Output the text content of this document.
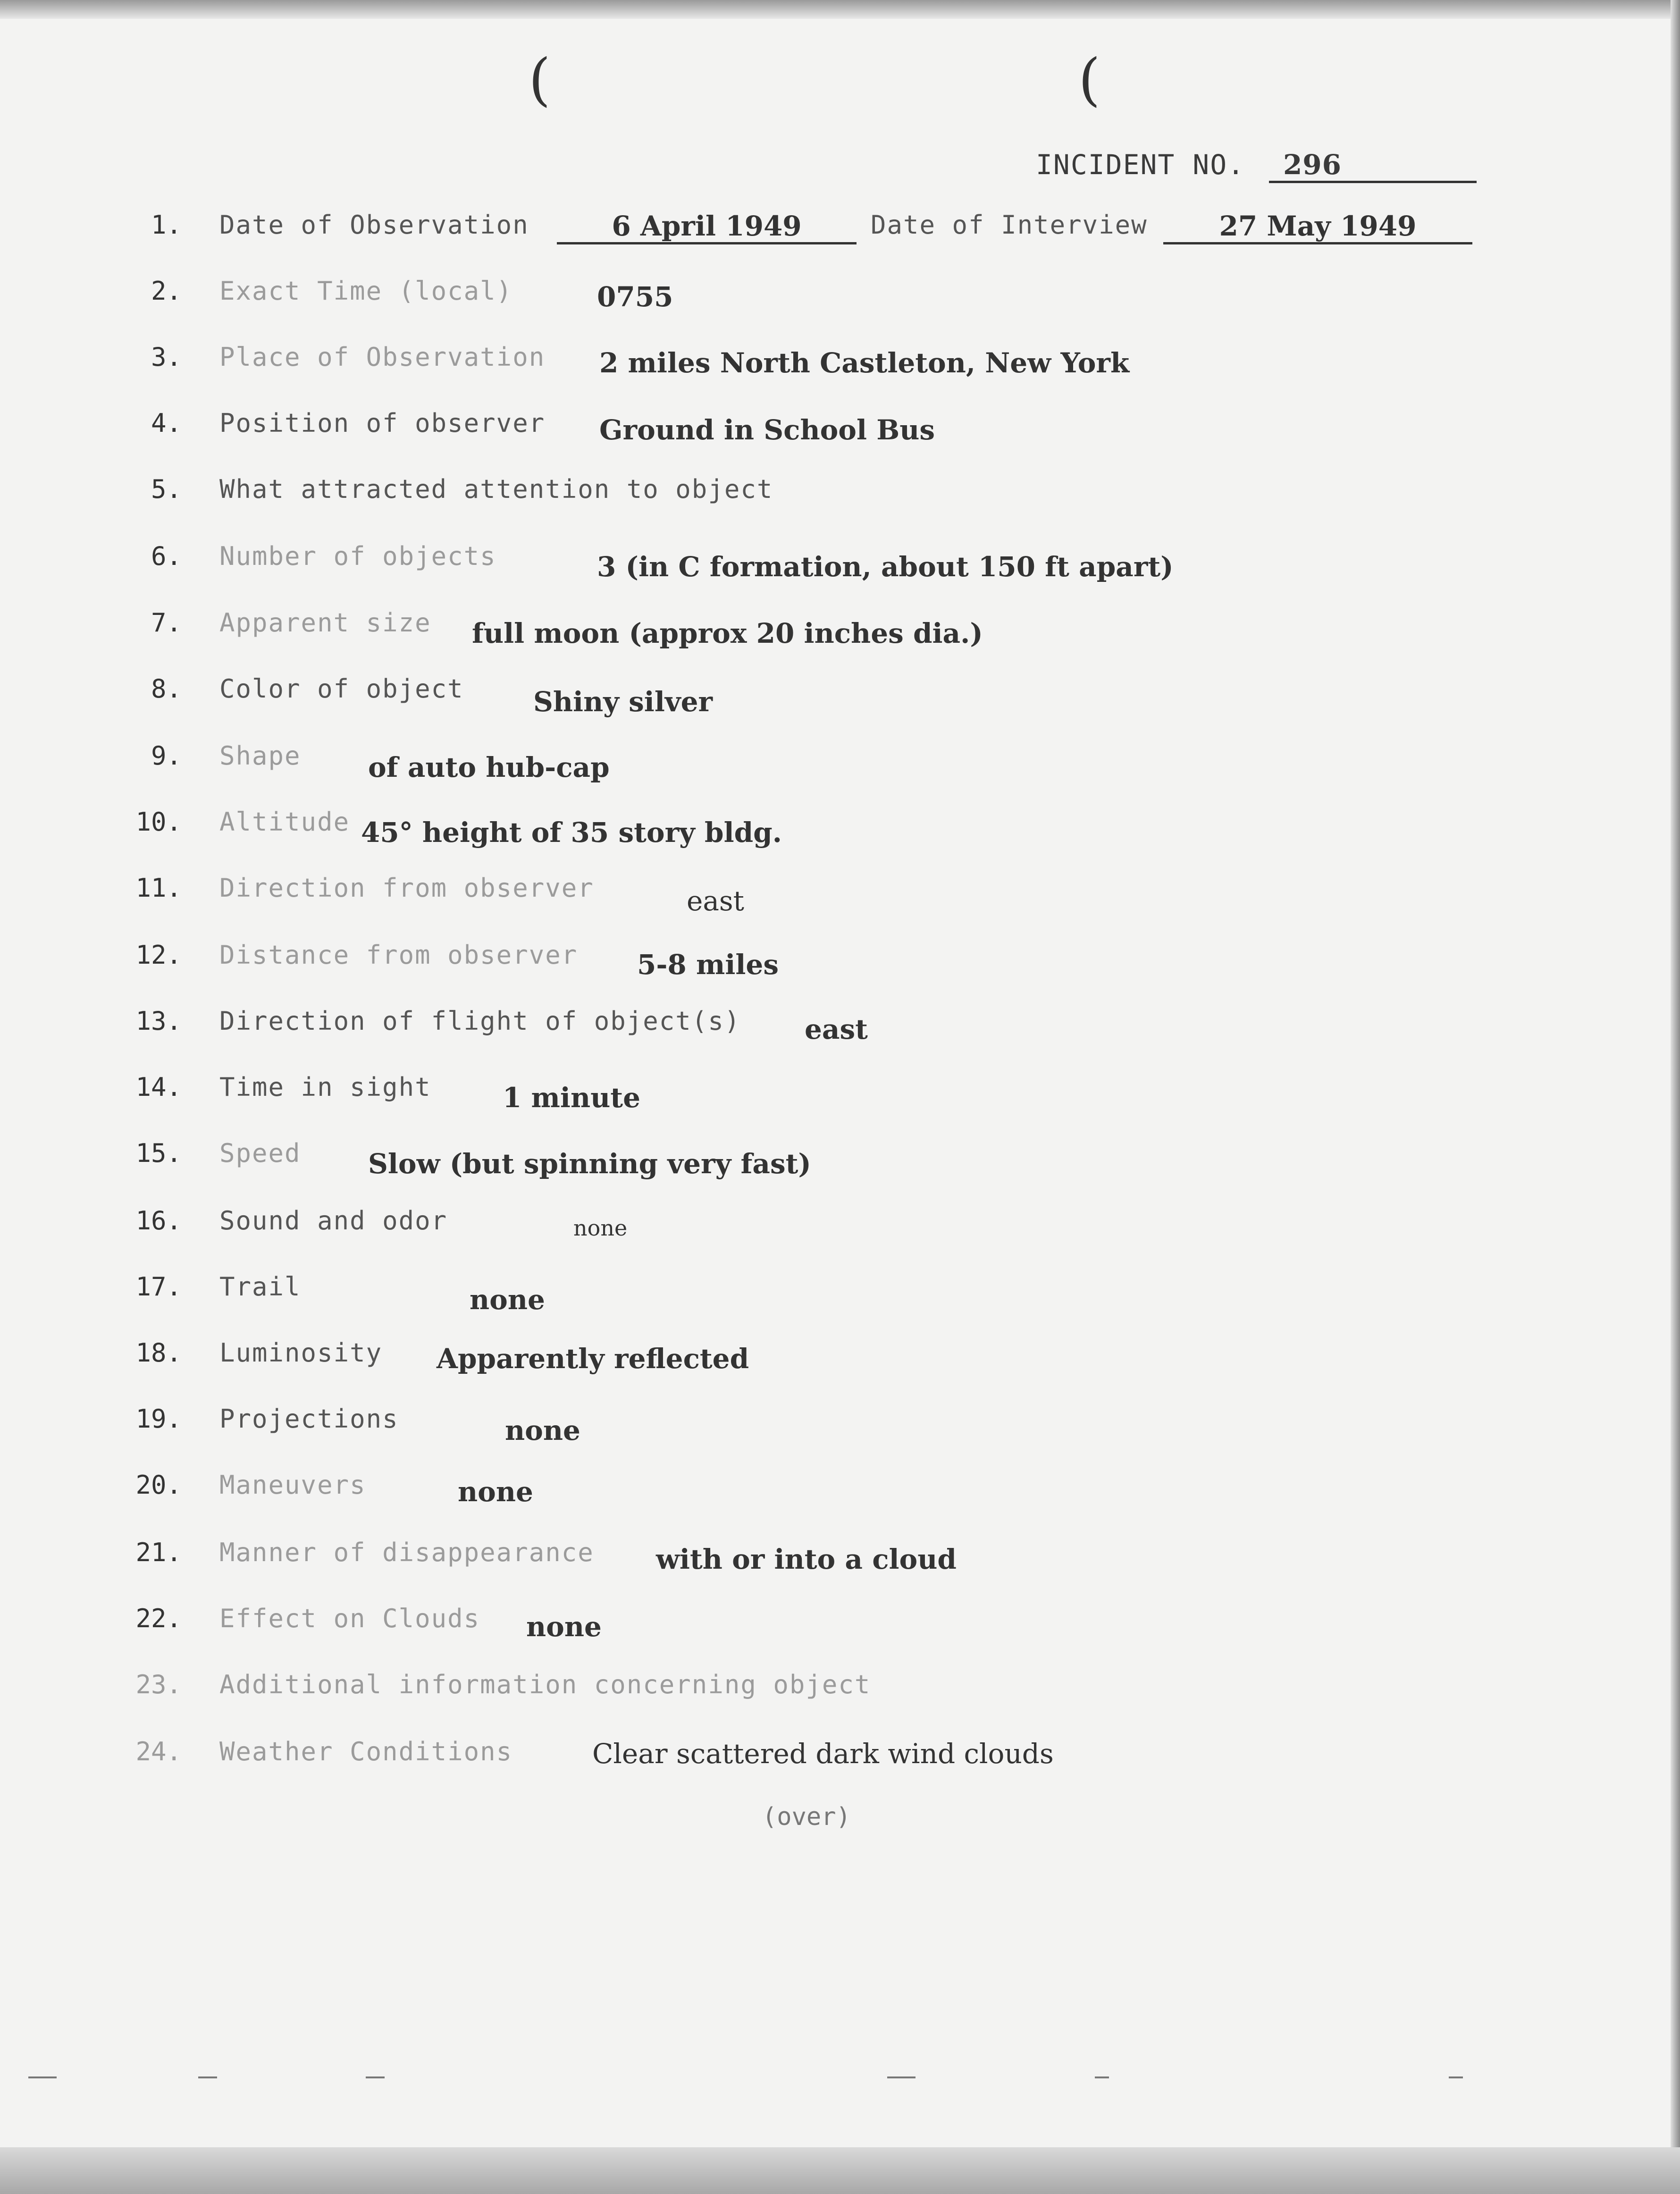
(	(
INCIDENT NO. 296
1. Date of Observation	6 April 1949	Date of Interview	27 May 1949
2. Exact Time (local)	0755
3. Place of Observation 2 miles North Castleton, New York
4. Position of observer Ground in School Bus
5. What attracted attention to object
6. Number of objects	3 (in C formation, about 150 ft apart)
7. Apparent size full moon (approx 20 inches dia.)
8. Color of object	Shiny silver
9. Shape of auto hub-cap
10. Altitude 45° height of 35 story bldg.
11. Direction from observer	east
12. Distance from observer 5-8 miles
13. Direction of flight of object(s) east
14. Time in sight	1 minute
15. Speed Slow (but spinning very fast)
16. Sound and odor	none
17. Trail	none
18. Luminosity Apparently reflected
19. Projections	none
20. Maneuvers	none
21. Manner of disappearance with or into a cloud
22. Effect on Clouds none
23. Additional information concerning object
24. Weather Conditions	Clear scattered dark wind clouds
(over)
